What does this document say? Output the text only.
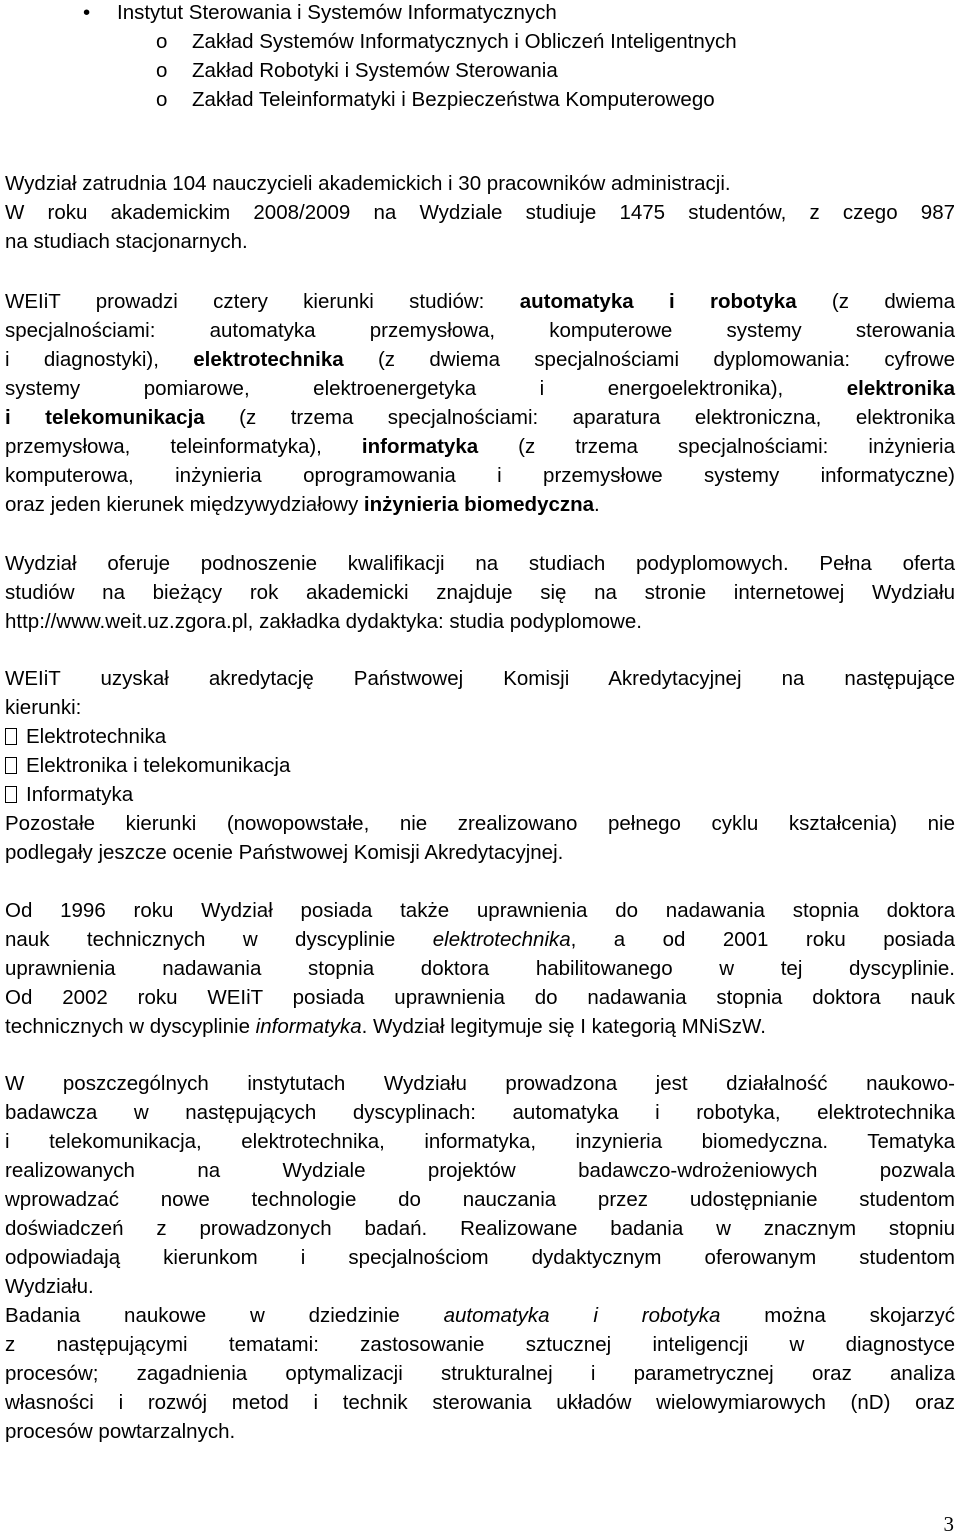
• Instytut Sterowania i Systemów Informatycznych
o Zakład Systemów Informatycznych i Obliczeń Inteligentnych
o Zakład Robotyki i Systemów Sterowania
o Zakład Teleinformatyki i Bezpieczeństwa Komputerowego
Wydział zatrudnia 104 nauczycieli akademickich i 30 pracowników administracji.
W roku akademickim 2008/2009 na Wydziale studiuje 1475 studentów, z czego 987
na studiach stacjonarnych.
WEIiT prowadzi cztery kierunki studiów: automatyka i robotyka (z dwiema
specjalnościami: automatyka przemysłowa, komputerowe systemy sterowania
i diagnostyki), elektrotechnika (z dwiema specjalnościami dyplomowania: cyfrowe
systemy pomiarowe, elektroenergetyka i energoelektronika), elektronika
i telekomunikacja (z trzema specjalnościami: aparatura elektroniczna, elektronika
przemysłowa, teleinformatyka), informatyka (z trzema specjalnościami: inżynieria
komputerowa, inżynieria oprogramowania i przemysłowe systemy informatyczne)
oraz jeden kierunek międzywydziałowy inżynieria biomedyczna.
Wydział oferuje podnoszenie kwalifikacji na studiach podyplomowych. Pełna oferta
studiów na bieżący rok akademicki znajduje się na stronie internetowej Wydziału
http://www.weit.uz.zgora.pl, zakładka dydaktyka: studia podyplomowe.
WEIiT uzyskał akredytację Państwowej Komisji Akredytacyjnej na następujące
kierunki:
Elektrotechnika
Elektronika i telekomunikacja
Informatyka
Pozostałe kierunki (nowopowstałe, nie zrealizowano pełnego cyklu kształcenia) nie
podlegały jeszcze ocenie Państwowej Komisji Akredytacyjnej.
Od 1996 roku Wydział posiada także uprawnienia do nadawania stopnia doktora
nauk technicznych w dyscyplinie elektrotechnika, a od 2001 roku posiada
uprawnienia nadawania stopnia doktora habilitowanego w tej dyscyplinie.
Od 2002 roku WEIiT posiada uprawnienia do nadawania stopnia doktora nauk
technicznych w dyscyplinie informatyka. Wydział legitymuje się I kategorią MNiSzW.
W poszczególnych instytutach Wydziału prowadzona jest działalność naukowo-
badawcza w następujących dyscyplinach: automatyka i robotyka, elektrotechnika
i telekomunikacja, elektrotechnika, informatyka, inzynieria biomedyczna. Tematyka
realizowanych na Wydziale projektów badawczo-wdrożeniowych pozwala
wprowadzać nowe technologie do nauczania przez udostępnianie studentom
doświadczeń z prowadzonych badań. Realizowane badania w znacznym stopniu
odpowiadają kierunkom i specjalnościom dydaktycznym oferowanym studentom
Wydziału.
Badania naukowe w dziedzinie automatyka i robotyka można skojarzyć
z następującymi tematami: zastosowanie sztucznej inteligencji w diagnostyce
procesów; zagadnienia optymalizacji strukturalnej i parametrycznej oraz analiza
własności i rozwój metod i technik sterowania układów wielowymiarowych (nD) oraz
procesów powtarzalnych.
3
